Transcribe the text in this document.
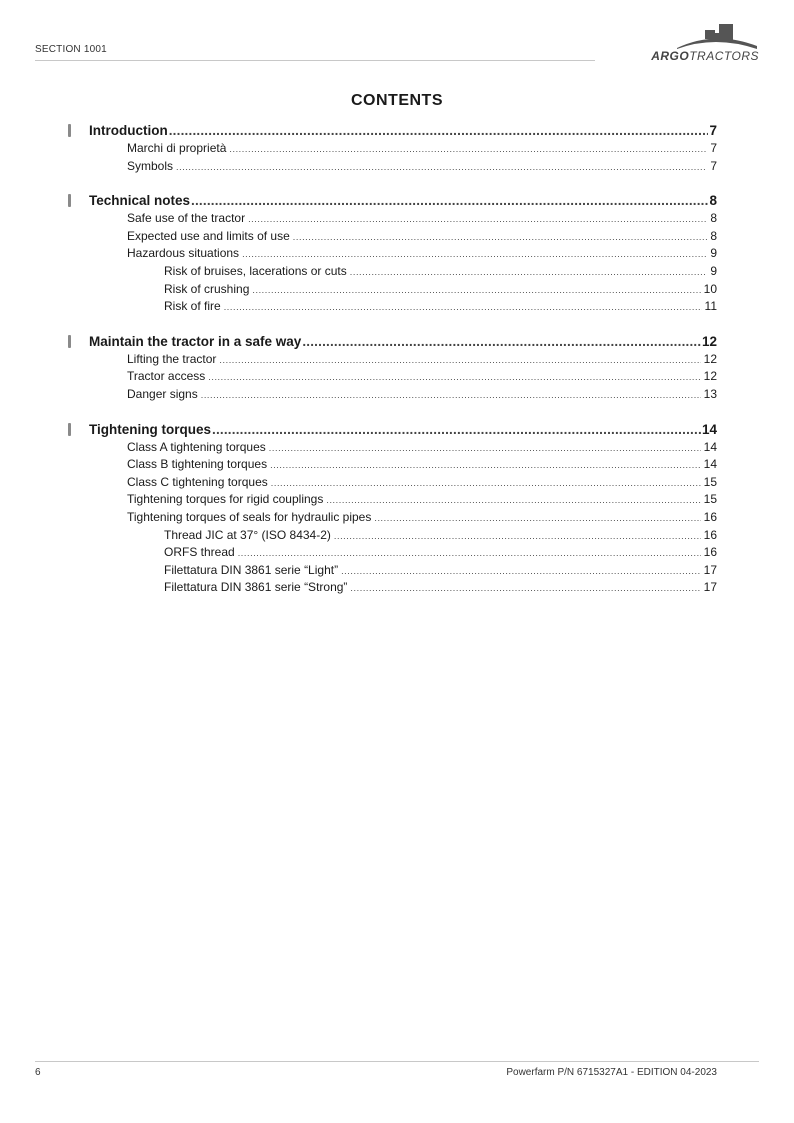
SECTION 1001	ARGOTRACTORS
CONTENTS
Introduction .....	7
Marchi di proprietà .....	7
Symbols .....	7
Technical notes .....	8
Safe use of the tractor .....	8
Expected use and limits of use .....	8
Hazardous situations .....	9
Risk of bruises, lacerations or cuts .....	9
Risk of crushing .....	10
Risk of fire .....	11
Maintain the tractor in a safe way .....	12
Lifting the tractor .....	12
Tractor access .....	12
Danger signs .....	13
Tightening torques .....	14
Class A tightening torques .....	14
Class B tightening torques .....	14
Class C tightening torques .....	15
Tightening torques for rigid couplings .....	15
Tightening torques of seals for hydraulic pipes .....	16
Thread JIC at 37° (ISO 8434-2) .....	16
ORFS thread .....	16
Filettatura DIN 3861 serie “Light” .....	17
Filettatura DIN 3861 serie “Strong” .....	17
6	Powerfarm P/N 6715327A1 - EDITION 04-2023
